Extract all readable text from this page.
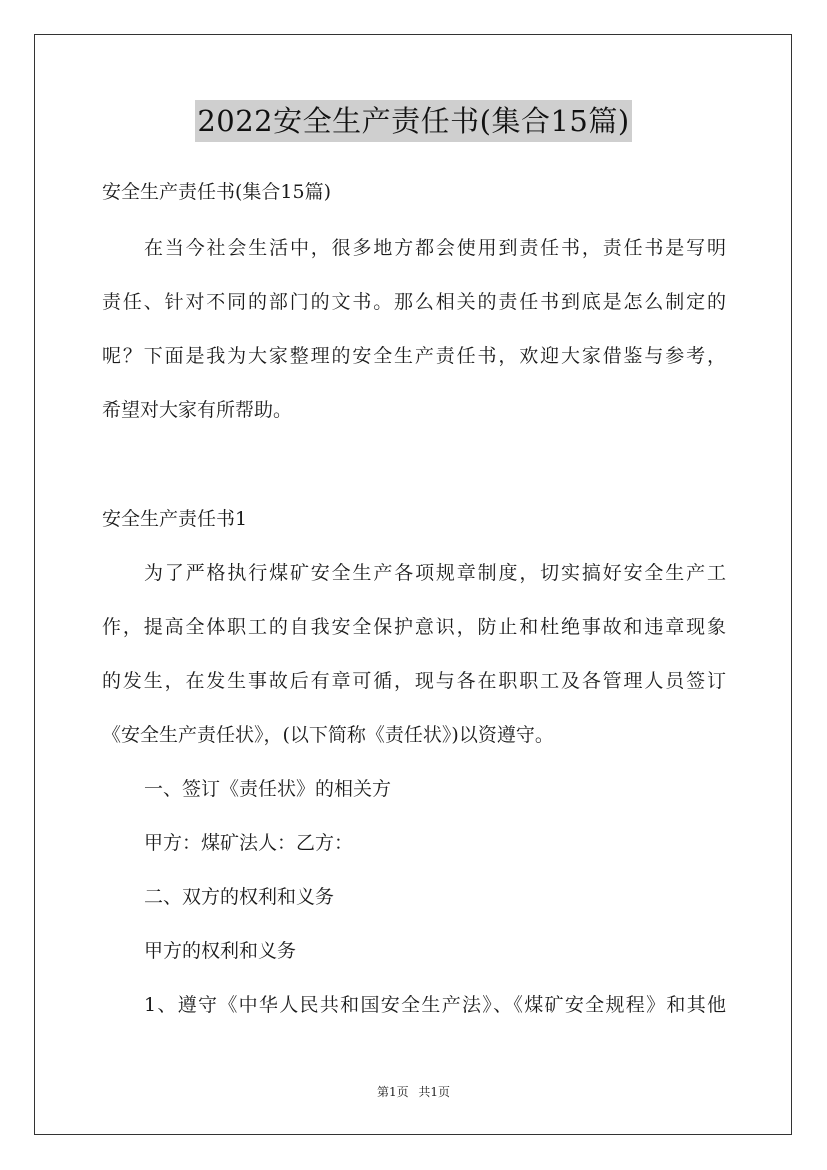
2022安全生产责任书(集合15篇)
安全生产责任书(集合15篇)
在当今社会生活中，很多地方都会使用到责任书，责任书是写明
责任、针对不同的部门的文书。那么相关的责任书到底是怎么制定的
呢？下面是我为大家整理的安全生产责任书，欢迎大家借鉴与参考，
希望对大家有所帮助。
安全生产责任书1
为了严格执行煤矿安全生产各项规章制度，切实搞好安全生产工
作，提高全体职工的自我安全保护意识，防止和杜绝事故和违章现象
的发生，在发生事故后有章可循，现与各在职职工及各管理人员签订
《安全生产责任状》，(以下简称《责任状》)以资遵守。
一、签订《责任状》的相关方
甲方：煤矿法人：乙方：
二、双方的权利和义务
甲方的权利和义务
1、遵守《中华人民共和国安全生产法》、《煤矿安全规程》和其他
第1页 共1页
